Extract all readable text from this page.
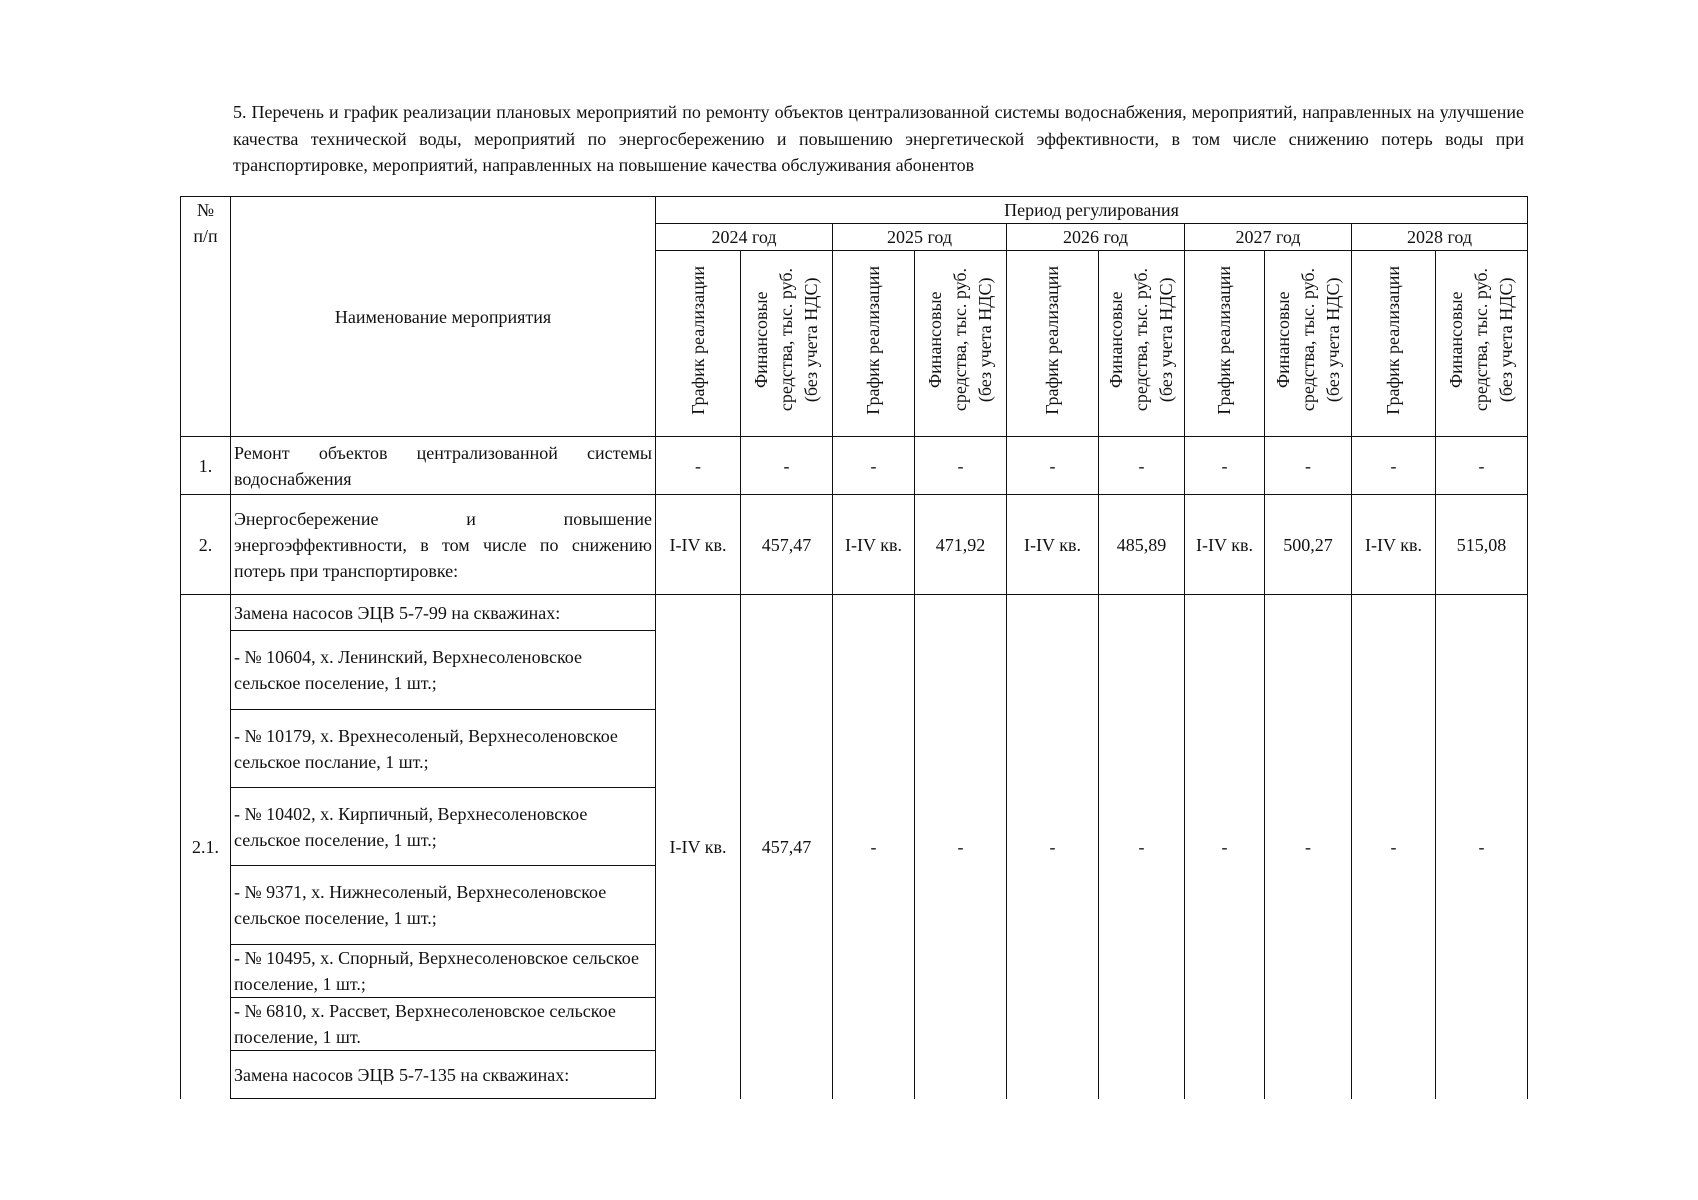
5. Перечень и график реализации плановых мероприятий по ремонту объектов централизованной системы водоснабжения, мероприятий, направленных на улучшение качества технической воды, мероприятий по энергосбережению и повышению энергетической эффективности, в том числе снижению потерь воды при транспортировке, мероприятий, направленных на повышение качества обслуживания абонентов

№ п/п	Наименование мероприятия	Период регулирования									
		2024 год		2025 год		2026 год		2027 год		2028 год	
		График реализации	Финансовые средства, тыс. руб. (без учета НДС)	График реализации	Финансовые средства, тыс. руб. (без учета НДС)	График реализации	Финансовые средства, тыс. руб. (без учета НДС)	График реализации	Финансовые средства, тыс. руб. (без учета НДС)	График реализации	Финансовые средства, тыс. руб. (без учета НДС)
1.	Ремонт объектов централизованной системы водоснабжения	-	-	-	-	-	-	-	-	-	-
2.	Энергосбережение и повышение энергоэффективности, в том числе по снижению потерь при транспортировке:	I-IV кв.	457,47	I-IV кв.	471,92	I-IV кв.	485,89	I-IV кв.	500,27	I-IV кв.	515,08
2.1.	Замена насосов ЭЦВ 5-7-99 на скважинах:	I-IV кв.	457,47	-	-	-	-	-	-	-	-
	- № 10604, х. Ленинский, Верхнесоленовское сельское поселение, 1 шт.;										
	- № 10179, х. Врехнесоленый, Верхнесоленовское сельское послание, 1 шт.;										
	- № 10402, х. Кирпичный, Верхнесоленовское сельское поселение, 1 шт.;										
	- № 9371, х. Нижнесоленый, Верхнесоленовское сельское поселение, 1 шт.;										
	- № 10495, х. Спорный, Верхнесоленовское сельское поселение, 1 шт.;										
	- № 6810, х. Рассвет, Верхнесоленовское сельское поселение, 1 шт.										
	Замена насосов ЭЦВ 5-7-135 на скважинах:										
